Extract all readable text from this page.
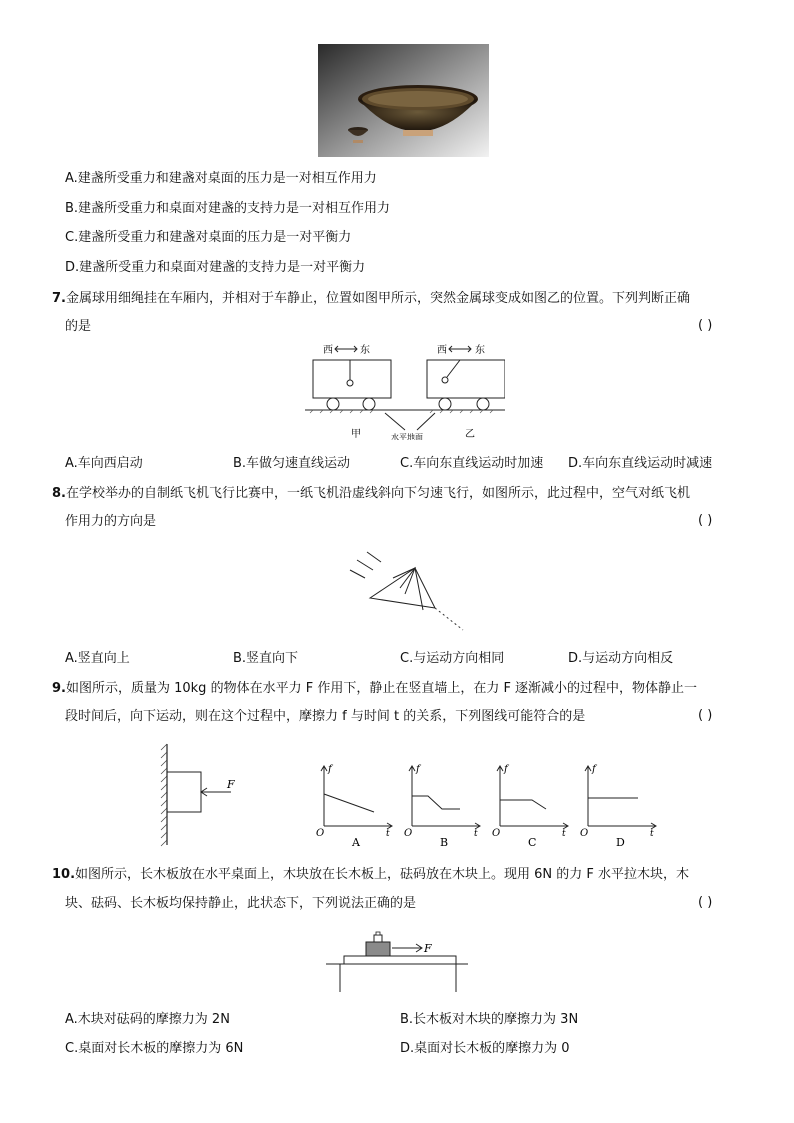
A.建盏所受重力和建盏对桌面的压力是一对相互作用力
B.建盏所受重力和桌面对建盏的支持力是一对相互作用力
C.建盏所受重力和建盏对桌面的压力是一对平衡力
D.建盏所受重力和桌面对建盏的支持力是一对平衡力
7.金属球用细绳挂在车厢内，并相对于车静止，位置如图甲所示，突然金属球变成如图乙的位置。下列判断正确
的是	( )
西	东	西	东
甲	水平地面	乙
A.车向西启动	B.车做匀速直线运动	C.车向东直线运动时加速 D.车向东直线运动时减速
8.在学校举办的自制纸飞机飞行比赛中，一纸飞机沿虚线斜向下匀速飞行，如图所示，此过程中，空气对纸飞机
作用力的方向是	( )
A.竖直向上	B.竖直向下	C.与运动方向相同	D.与运动方向相反
9.如图所示，质量为 10kg 的物体在水平力 F 作用下，静止在竖直墙上，在力 F 逐渐减小的过程中，物体静止一
段时间后，向下运动，则在这个过程中，摩擦力 f 与时间 t 的关系，下列图线可能符合的是	( )
F
f
O	t
A
f
O	t
B
f
O	t
C
f
O	t
D
10.如图所示，长木板放在水平桌面上，木块放在长木板上，砝码放在木块上。现用 6N 的力 F 水平拉木块，木
块、砝码、长木板均保持静止，此状态下，下列说法正确的是	( )
F
A.木块对砝码的摩擦力为 2N	B.长木板对木块的摩擦力为 3N
C.桌面对长木板的摩擦力为 6N	D.桌面对长木板的摩擦力为 0
